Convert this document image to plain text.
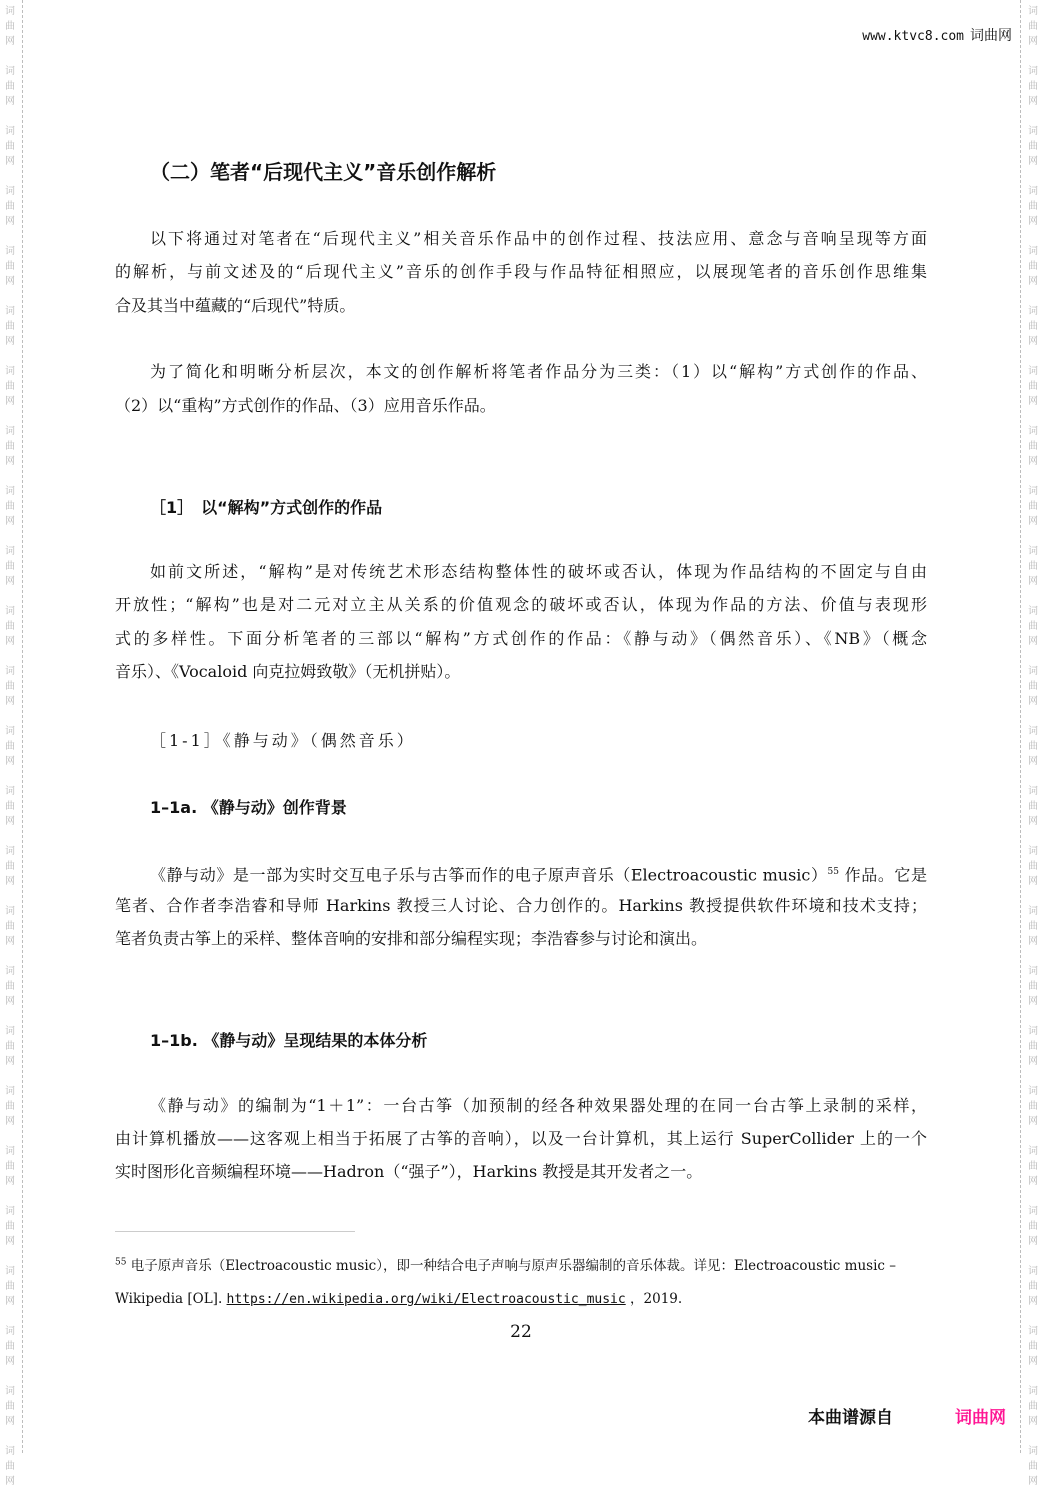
词
曲
网
词
曲
网
词
曲
网
词
曲
网
词
曲
网
词
曲
网
词
曲
网
词
曲
网
词
曲
网
词
曲
网
词
曲
网
词
曲
网
词
曲
网
词
曲
网
词
曲
网
词
曲
网
词
曲
网
词
曲
网
词
曲
网
词
曲
网
词
曲
网
词
曲
网
词
曲
网
词
曲
网
词
曲
网
词
曲
网
词
曲
网
词
曲
网
词
曲
网
词
曲
网
词
曲
网
词
曲
网
词
曲
网
词
曲
网
词
曲
网
词
曲
网
词
曲
网
词
曲
网
词
曲
网
词
曲
网
词
曲
网
词
曲
网
词
曲
网
词
曲
网
词
曲
网
词
曲
网
词
曲
网
词
曲
网
词
曲
网
词
曲
网
www.ktvc8.com 词曲网
（二）笔者“后现代主义”音乐创作解析
以下将通过对笔者在“后现代主义”相关音乐作品中的创作过程、技法应用、意念与音响呈现等方面
的解析，与前文述及的“后现代主义”音乐的创作手段与作品特征相照应，以展现笔者的音乐创作思维集
合及其当中蕴藏的“后现代”特质。
为了简化和明晰分析层次，本文的创作解析将笔者作品分为三类：（1）以“解构”方式创作的作品、
（2）以“重构”方式创作的作品、（3）应用音乐作品。
［1］　以“解构”方式创作的作品
如前文所述，“解构”是对传统艺术形态结构整体性的破坏或否认，体现为作品结构的不固定与自由
开放性；“解构”也是对二元对立主从关系的价值观念的破坏或否认，体现为作品的方法、价值与表现形
式的多样性。下面分析笔者的三部以“解构”方式创作的作品：《静与动》（偶然音乐）、《NB》（概念
音乐）、《Vocaloid 向克拉姆致敬》（无机拼贴）。
［1-1］《静与动》（偶然音乐）
1–1a. 《静与动》创作背景
《静与动》是一部为实时交互电子乐与古筝而作的电子原声音乐（Electroacoustic music）$^{55}$ 作品。它是
笔者、合作者李浩睿和导师 Harkins 教授三人讨论、合力创作的。Harkins 教授提供软件环境和技术支持；
笔者负责古筝上的采样、整体音响的安排和部分编程实现；李浩睿参与讨论和演出。
1–1b. 《静与动》呈现结果的本体分析
《静与动》的编制为“1＋1”：一台古筝（加预制的经各种效果器处理的在同一台古筝上录制的采样，
由计算机播放——这客观上相当于拓展了古筝的音响），以及一台计算机，其上运行 SuperCollider 上的一个
实时图形化音频编程环境——Hadron（“强子”），Harkins 教授是其开发者之一。
$^{55}$ 电子原声音乐（Electroacoustic music），即一种结合电子声响与原声乐器编制的音乐体裁。详见：Electroacoustic music –
Wikipedia [OL]. https://en.wikipedia.org/wiki/Electroacoustic_music ，2019.
22
本曲谱源自	词曲网
